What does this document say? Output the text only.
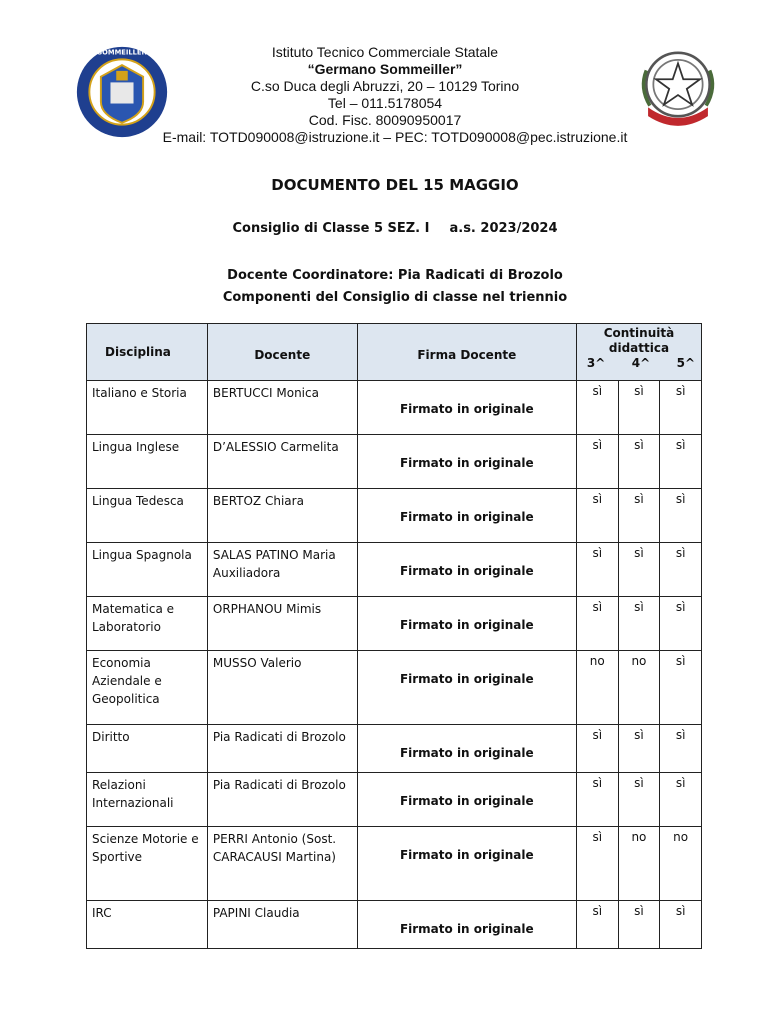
SOMMEILLER	Istituto Tecnico Commerciale Statale
“Germano Sommeiller”
C.so Duca degli Abruzzi, 20 – 10129 Torino
Tel – 011.5178054
Cod. Fisc. 80090950017
E-mail: TOTD090008@istruzione.it – PEC: TOTD090008@pec.istruzione.it
DOCUMENTO DEL 15 MAGGIO
Consiglio di Classe 5 SEZ. I a.s. 2023/2024
Docente Coordinatore: Pia Radicati di Brozolo
Componenti del Consiglio di classe nel triennio
Disciplina	Docente	Firma Docente	Continuità didattica
3^ 4^ 5^		

Italiano e Storia	BERTUCCI Monica	Firmato in originale	sì	sì	sì
Lingua Inglese	D’ALESSIO Carmelita	Firmato in originale	sì	sì	sì
Lingua Tedesca	BERTOZ Chiara	Firmato in originale	sì	sì	sì
Lingua Spagnola	SALAS PATINO Maria Auxiliadora	Firmato in originale	sì	sì	sì
Matematica e Laboratorio	ORPHANOU Mimis	Firmato in originale	sì	sì	sì
Economia Aziendale e Geopolitica	MUSSO Valerio	Firmato in originale	no	no	sì
Diritto	Pia Radicati di Brozolo	Firmato in originale	sì	sì	sì
Relazioni Internazionali	Pia Radicati di Brozolo	Firmato in originale	sì	sì	sì
Scienze Motorie e Sportive	PERRI Antonio (Sost. CARACAUSI Martina)	Firmato in originale	sì	no	no
IRC	PAPINI Claudia	Firmato in originale	sì	sì	sì
